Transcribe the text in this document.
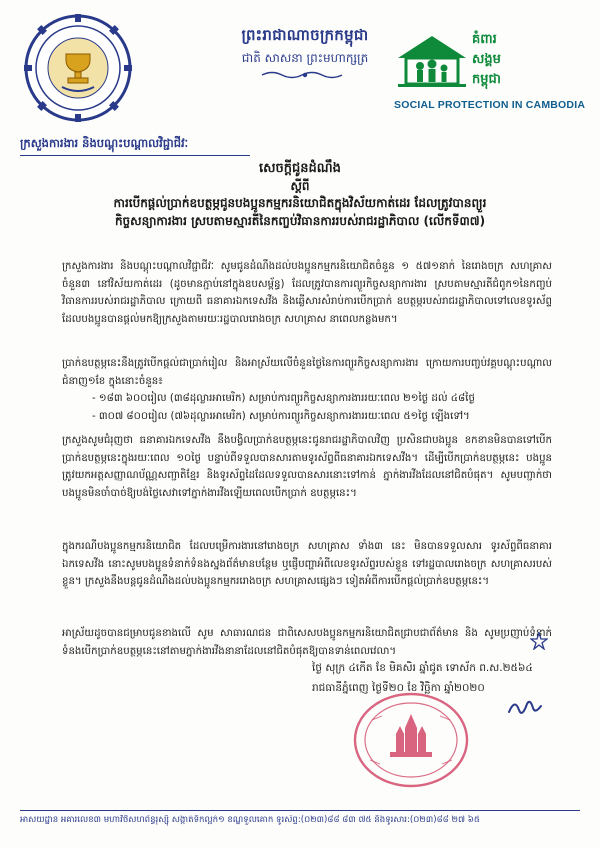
ព្រះរាជាណាចក្រកម្ពុជា
ជាតិ សាសនា ព្រះមហាក្សត្រ
គំពារ
សង្គម
កម្ពុជា
SOCIAL PROTECTION IN CAMBODIA
ក្រសួងការងារ និងបណ្តុះបណ្តាលវិជ្ជាជីវៈ
សេចក្តីជូនដំណឹង
ស្តីពី
ការបើកផ្តល់ប្រាក់ឧបត្ថម្ភជូនបងប្អូនកម្មករនិយោជិតក្នុងវិស័យកាត់ដេរ ដែលត្រូវបានព្យួរ
កិច្ចសន្យាការងារ ស្របតាមស្មារតីនៃកញ្ចប់វិធានការរបស់រាជរដ្ឋាភិបាល (លើកទី៣៧)
ក្រសួងការងារ និងបណ្តុះបណ្តាលវិជ្ជាជីវៈ សូមជូនដំណឹងដល់បងប្អូនកម្មករនិយោជិតចំនួន ១ ៥៧១នាក់ នៃរោងចក្រ សហគ្រាស ចំនួន៣ នៅវិស័យកាត់ដេរ (ដូចមានភ្ជាប់នៅក្នុងឧបសម្ព័ន្ធ) ដែលត្រូវបានការព្យួរកិច្ចសន្យាការងារ ស្របតាមស្មារតីជំពូក១នៃកញ្ចប់វិធានការរបស់រាជរដ្ឋាភិបាល ក្រោយពី ធនាគារឯកទេសវីង និងឆ្លើសារសំរាប់ការបើកប្រាក់ ឧបត្ថម្ភរបស់រាជរដ្ឋាភិបាលទៅលេខទូរស័ព្ទ ដែលបងប្អូនបានផ្តល់មកឱ្យក្រសួងតាមរយៈរដ្ឋបាលរោងចក្រ សហគ្រាស នាពេលកន្លងមក។
ប្រាក់ឧបត្ថម្ភនេះនឹងត្រូវបើកផ្តល់ជាប្រាក់រៀល និងអាស្រ័យលើចំនួនថ្ងៃនៃការព្យួរកិច្ចសន្យាការងារ ក្រោយការបញ្ចប់វគ្គបណ្តុះបណ្តាលជំនាញ១ខែ ក្នុងនោះចំនួន៖
- ១៨៣ ៦០០រៀល (៣៨ដុល្លារអាមេរិក) សម្រាប់ការព្យួរកិច្ចសន្យាការងាររយៈពេល ២១ថ្ងៃ ដល់ ៤៨ថ្ងៃ
- ៣០៧ ៨០០រៀល (៧៦ដុល្លារអាមេរិក) សម្រាប់ការព្យួរកិច្ចសន្យាការងាររយៈពេល ៥១ថ្ងៃ ឡើងទៅ។
ក្រសួងសូមជំរុញថា ធនាគារឯកទេសវីង នឹងបង្វិលប្រាក់ឧបត្ថម្ភនេះជូនរាជរដ្ឋាភិបាលវិញ ប្រសិនជាបងប្អូន ខកខានមិនបានទៅបើកប្រាក់ឧបត្ថម្ភនេះក្នុងរយៈពេល ១០ថ្ងៃ បន្ទាប់ពីទទួលបានសារតាមទូរស័ព្ទពីធនាគារឯកទេសវីង។ ដើម្បីបើកប្រាក់ឧបត្ថម្ភនេះ បងប្អូនត្រូវយកអត្តសញ្ញាណប័ណ្ណសញ្ជាតិខ្មែរ និងទូរស័ព្ទដៃដែលទទួលបានសារនោះទៅកាន់ ភ្នាក់ងារវីងដែលនៅជិតបំផុត។ សូមបញ្ជាក់ថា បងប្អូនមិនចាំបាច់ឱ្យបង់ថ្លៃសេវាទៅភ្នាក់ងារវីងឡើយពេលបើកប្រាក់ ឧបត្ថម្ភនេះ។
ក្នុងករណីបងប្អូនកម្មករនិយោជិត ដែលបម្រើការងារនៅរោងចក្រ សហគ្រាស ទាំង៣ នេះ មិនបានទទួលសារ ទូរស័ព្ទពីធនាគារឯកទេសវីង នោះសូមបងប្អូនទំនាក់ទំនងស្នងព័ត៌មានបន្ថែម ឬផ្ញើបញ្ហាអំពីលេខទូរស័ព្ទរបស់ខ្លួន ទៅរដ្ឋបាលរោងចក្រ សហគ្រាសរបស់ខ្លួន។ ក្រសួងនឹងបន្តជូនដំណឹងដល់បងប្អូនកម្មកររោងចក្រ សហគ្រាសផ្សេងៗ ទៀតអំពីការបើកផ្តល់ប្រាក់ឧបត្ថម្ភនេះ។
អាស្រ័យដូចបានជម្រាបជូនខាងលើ សូម សាធារណជន ជាពិសេសបងប្អូនកម្មករនិយោជិតជ្រាបជាព័ត៌មាន និង សូមប្រញាប់ទំនាក់ទំនងបើកប្រាក់ឧបត្ថម្ភនេះនៅតាមភ្នាក់ងារវីងនានាដែលនៅជិតបំផុតឱ្យបានទាន់ពេលវេលា។
ថ្ងៃ សុក្រ ៤កើត ខែ មិគសិរ ឆ្នាំជូត ទោស័ក ព.ស.២៥៦៤
រាជធានីភ្នំពេញ ថ្ងៃទី២០ ខែ វិច្ឆិកា ឆ្នាំ២០២០
អាសយដ្ឋាន អគារលេខ៣ មហាវិថីសហព័ន្ធរុស្ស៊ី សង្កាត់ទឹកល្អក់១ ខណ្ឌទួលគោក ទូរស័ព្ទ:(០២៣)៨៨ ៨៣ ៧៥ និងទូរសារ:(០២៣)៨៨ ២៧ ៦៥
